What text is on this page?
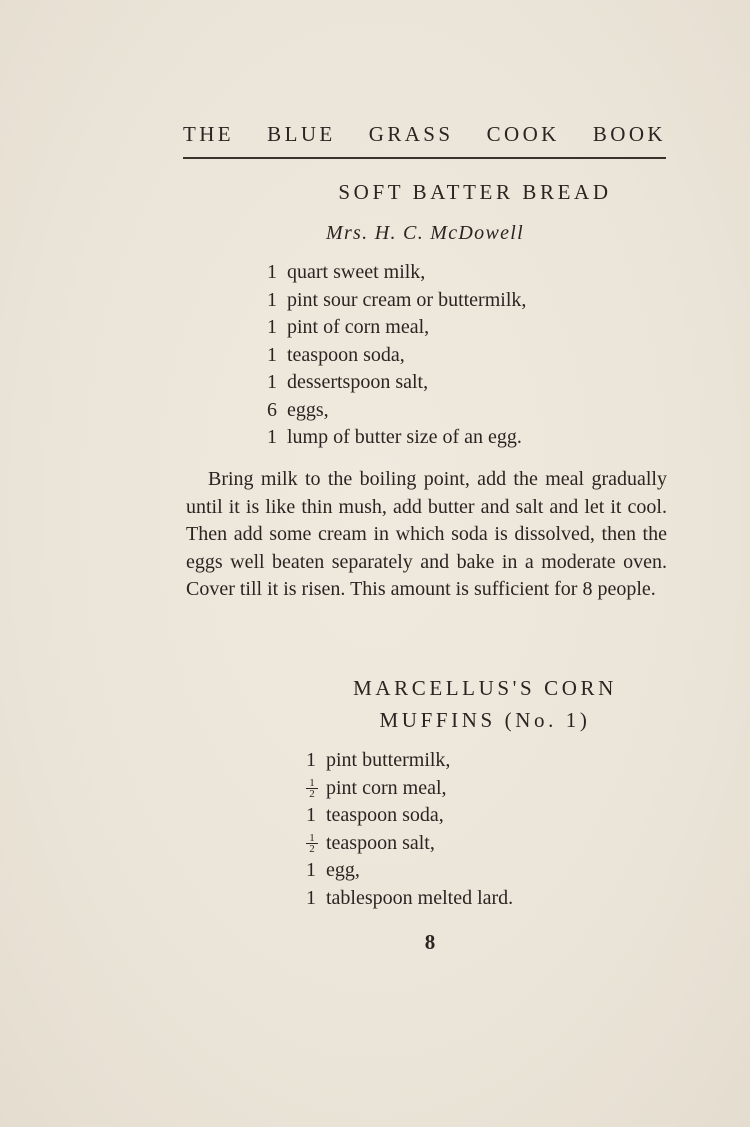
THE BLUE GRASS COOK BOOK
SOFT BATTER BREAD
Mrs. H. C. McDowell
1 quart sweet milk,
1 pint sour cream or buttermilk,
1 pint of corn meal,
1 teaspoon soda,
1 dessertspoon salt,
6 eggs,
1 lump of butter size of an egg.

Bring milk to the boiling point, add the meal gradually until it is like thin mush, add butter and salt and let it cool. Then add some cream in which soda is dissolved, then the eggs well beaten separately and bake in a moderate oven. Cover till it is risen. This amount is sufficient for 8 people.

MARCELLUS'S CORN
MUFFINS (No. 1)
1 pint buttermilk,
$\frac{1}{2}$ pint corn meal,
1 teaspoon soda,
$\frac{1}{2}$ teaspoon salt,
1 egg,
1 tablespoon melted lard.
8
